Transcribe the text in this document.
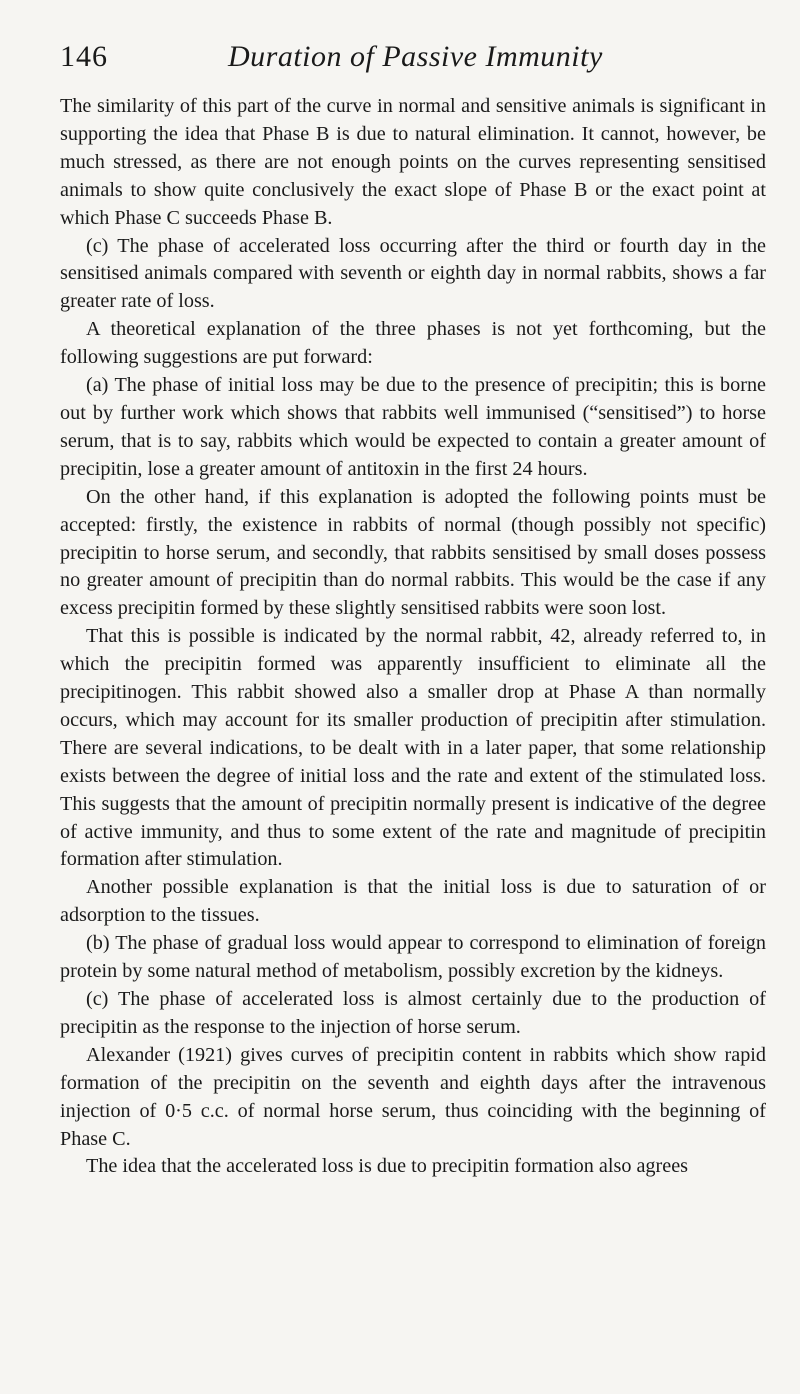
146	Duration of Passive Immunity

The similarity of this part of the curve in normal and sensitive animals is significant in supporting the idea that Phase B is due to natural elimination. It cannot, however, be much stressed, as there are not enough points on the curves representing sensitised animals to show quite conclusively the exact slope of Phase B or the exact point at which Phase C succeeds Phase B.

(c) The phase of accelerated loss occurring after the third or fourth day in the sensitised animals compared with seventh or eighth day in normal rabbits, shows a far greater rate of loss.

A theoretical explanation of the three phases is not yet forthcoming, but the following suggestions are put forward:

(a) The phase of initial loss may be due to the presence of precipitin; this is borne out by further work which shows that rabbits well immunised (“sensitised”) to horse serum, that is to say, rabbits which would be expected to contain a greater amount of precipitin, lose a greater amount of antitoxin in the first 24 hours.

On the other hand, if this explanation is adopted the following points must be accepted: firstly, the existence in rabbits of normal (though possibly not specific) precipitin to horse serum, and secondly, that rabbits sensitised by small doses possess no greater amount of precipitin than do normal rabbits. This would be the case if any excess precipitin formed by these slightly sensitised rabbits were soon lost.

That this is possible is indicated by the normal rabbit, 42, already referred to, in which the precipitin formed was apparently insufficient to eliminate all the precipitinogen. This rabbit showed also a smaller drop at Phase A than normally occurs, which may account for its smaller production of precipitin after stimulation. There are several indications, to be dealt with in a later paper, that some relationship exists between the degree of initial loss and the rate and extent of the stimulated loss. This suggests that the amount of precipitin normally present is indicative of the degree of active immunity, and thus to some extent of the rate and magnitude of precipitin formation after stimulation.

Another possible explanation is that the initial loss is due to saturation of or adsorption to the tissues.

(b) The phase of gradual loss would appear to correspond to elimination of foreign protein by some natural method of metabolism, possibly excretion by the kidneys.

(c) The phase of accelerated loss is almost certainly due to the production of precipitin as the response to the injection of horse serum.

Alexander (1921) gives curves of precipitin content in rabbits which show rapid formation of the precipitin on the seventh and eighth days after the intravenous injection of 0·5 c.c. of normal horse serum, thus coinciding with the beginning of Phase C.

The idea that the accelerated loss is due to precipitin formation also agrees
